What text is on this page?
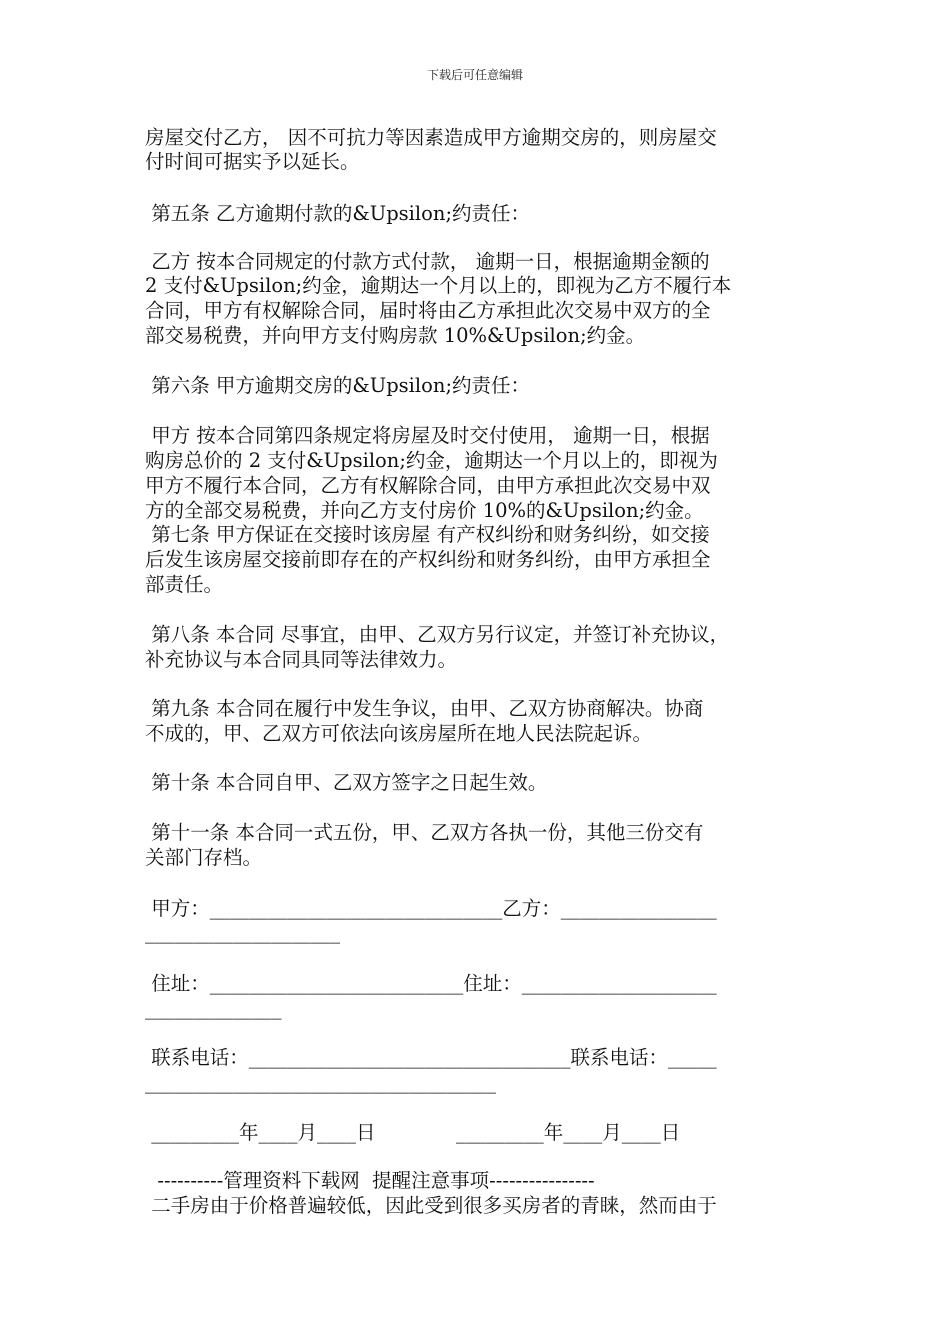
下载后可任意编辑
房屋交付乙方， 因不可抗力等因素造成甲方逾期交房的，则房屋交
付时间可据实予以延长。
第五条 乙方逾期付款的&Upsilon;约责任：
乙方 按本合同规定的付款方式付款， 逾期一日，根据逾期金额的
2 支付&Upsilon;约金，逾期达一个月以上的，即视为乙方不履行本
合同，甲方有权解除合同，届时将由乙方承担此次交易中双方的全
部交易税费，并向甲方支付购房款 10%&Upsilon;约金。
第六条 甲方逾期交房的&Upsilon;约责任：
甲方 按本合同第四条规定将房屋及时交付使用， 逾期一日，根据
购房总价的 2 支付&Upsilon;约金，逾期达一个月以上的，即视为
甲方不履行本合同，乙方有权解除合同，由甲方承担此次交易中双
方的全部交易税费，并向乙方支付房价 10%的&Upsilon;约金。
第七条 甲方保证在交接时该房屋 有产权纠纷和财务纠纷，如交接
后发生该房屋交接前即存在的产权纠纷和财务纠纷，由甲方承担全
部责任。
第八条 本合同 尽事宜，由甲、乙双方另行议定，并签订补充协议，
补充协议与本合同具同等法律效力。
第九条 本合同在履行中发生争议，由甲、乙双方协商解决。协商
不成的，甲、乙双方可依法向该房屋所在地人民法院起诉。
第十条 本合同自甲、乙双方签字之日起生效。
第十一条 本合同一式五份，甲、乙双方各执一份，其他三份交有
关部门存档。
甲方：______________________________乙方：________________
____________________
住址：__________________________住址：____________________
______________
联系电话：_________________________________联系电话：_____
____________________________________
_________年____月____日             _________年____月____日
----------管理资料下载网  提醒注意事项----------------
二手房由于价格普遍较低，因此受到很多买房者的青睐，然而由于
